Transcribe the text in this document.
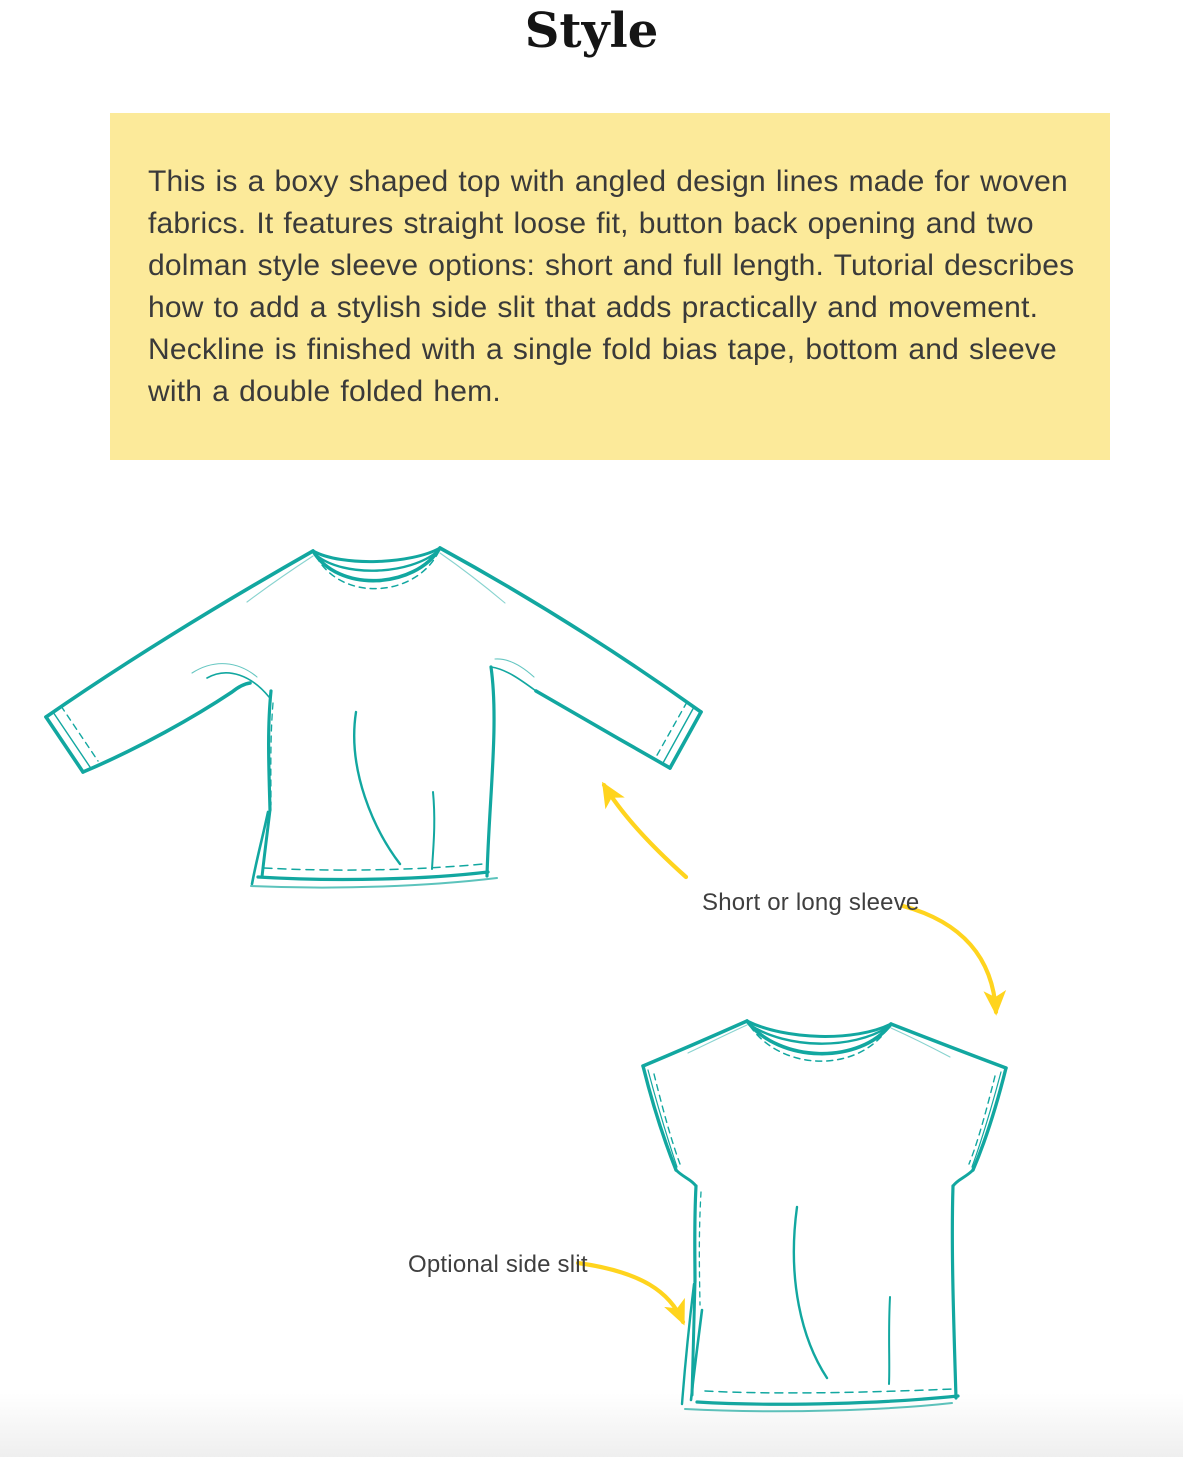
Style

This is a boxy shaped top with angled design lines made for woven fabrics. It features straight loose fit, button back opening and two dolman style sleeve options: short and full length. Tutorial describes how to add a stylish side slit that adds practically and movement. Neckline is finished with a single fold bias tape, bottom and sleeve with a double folded hem.

Short or long sleeve
Optional side slit
